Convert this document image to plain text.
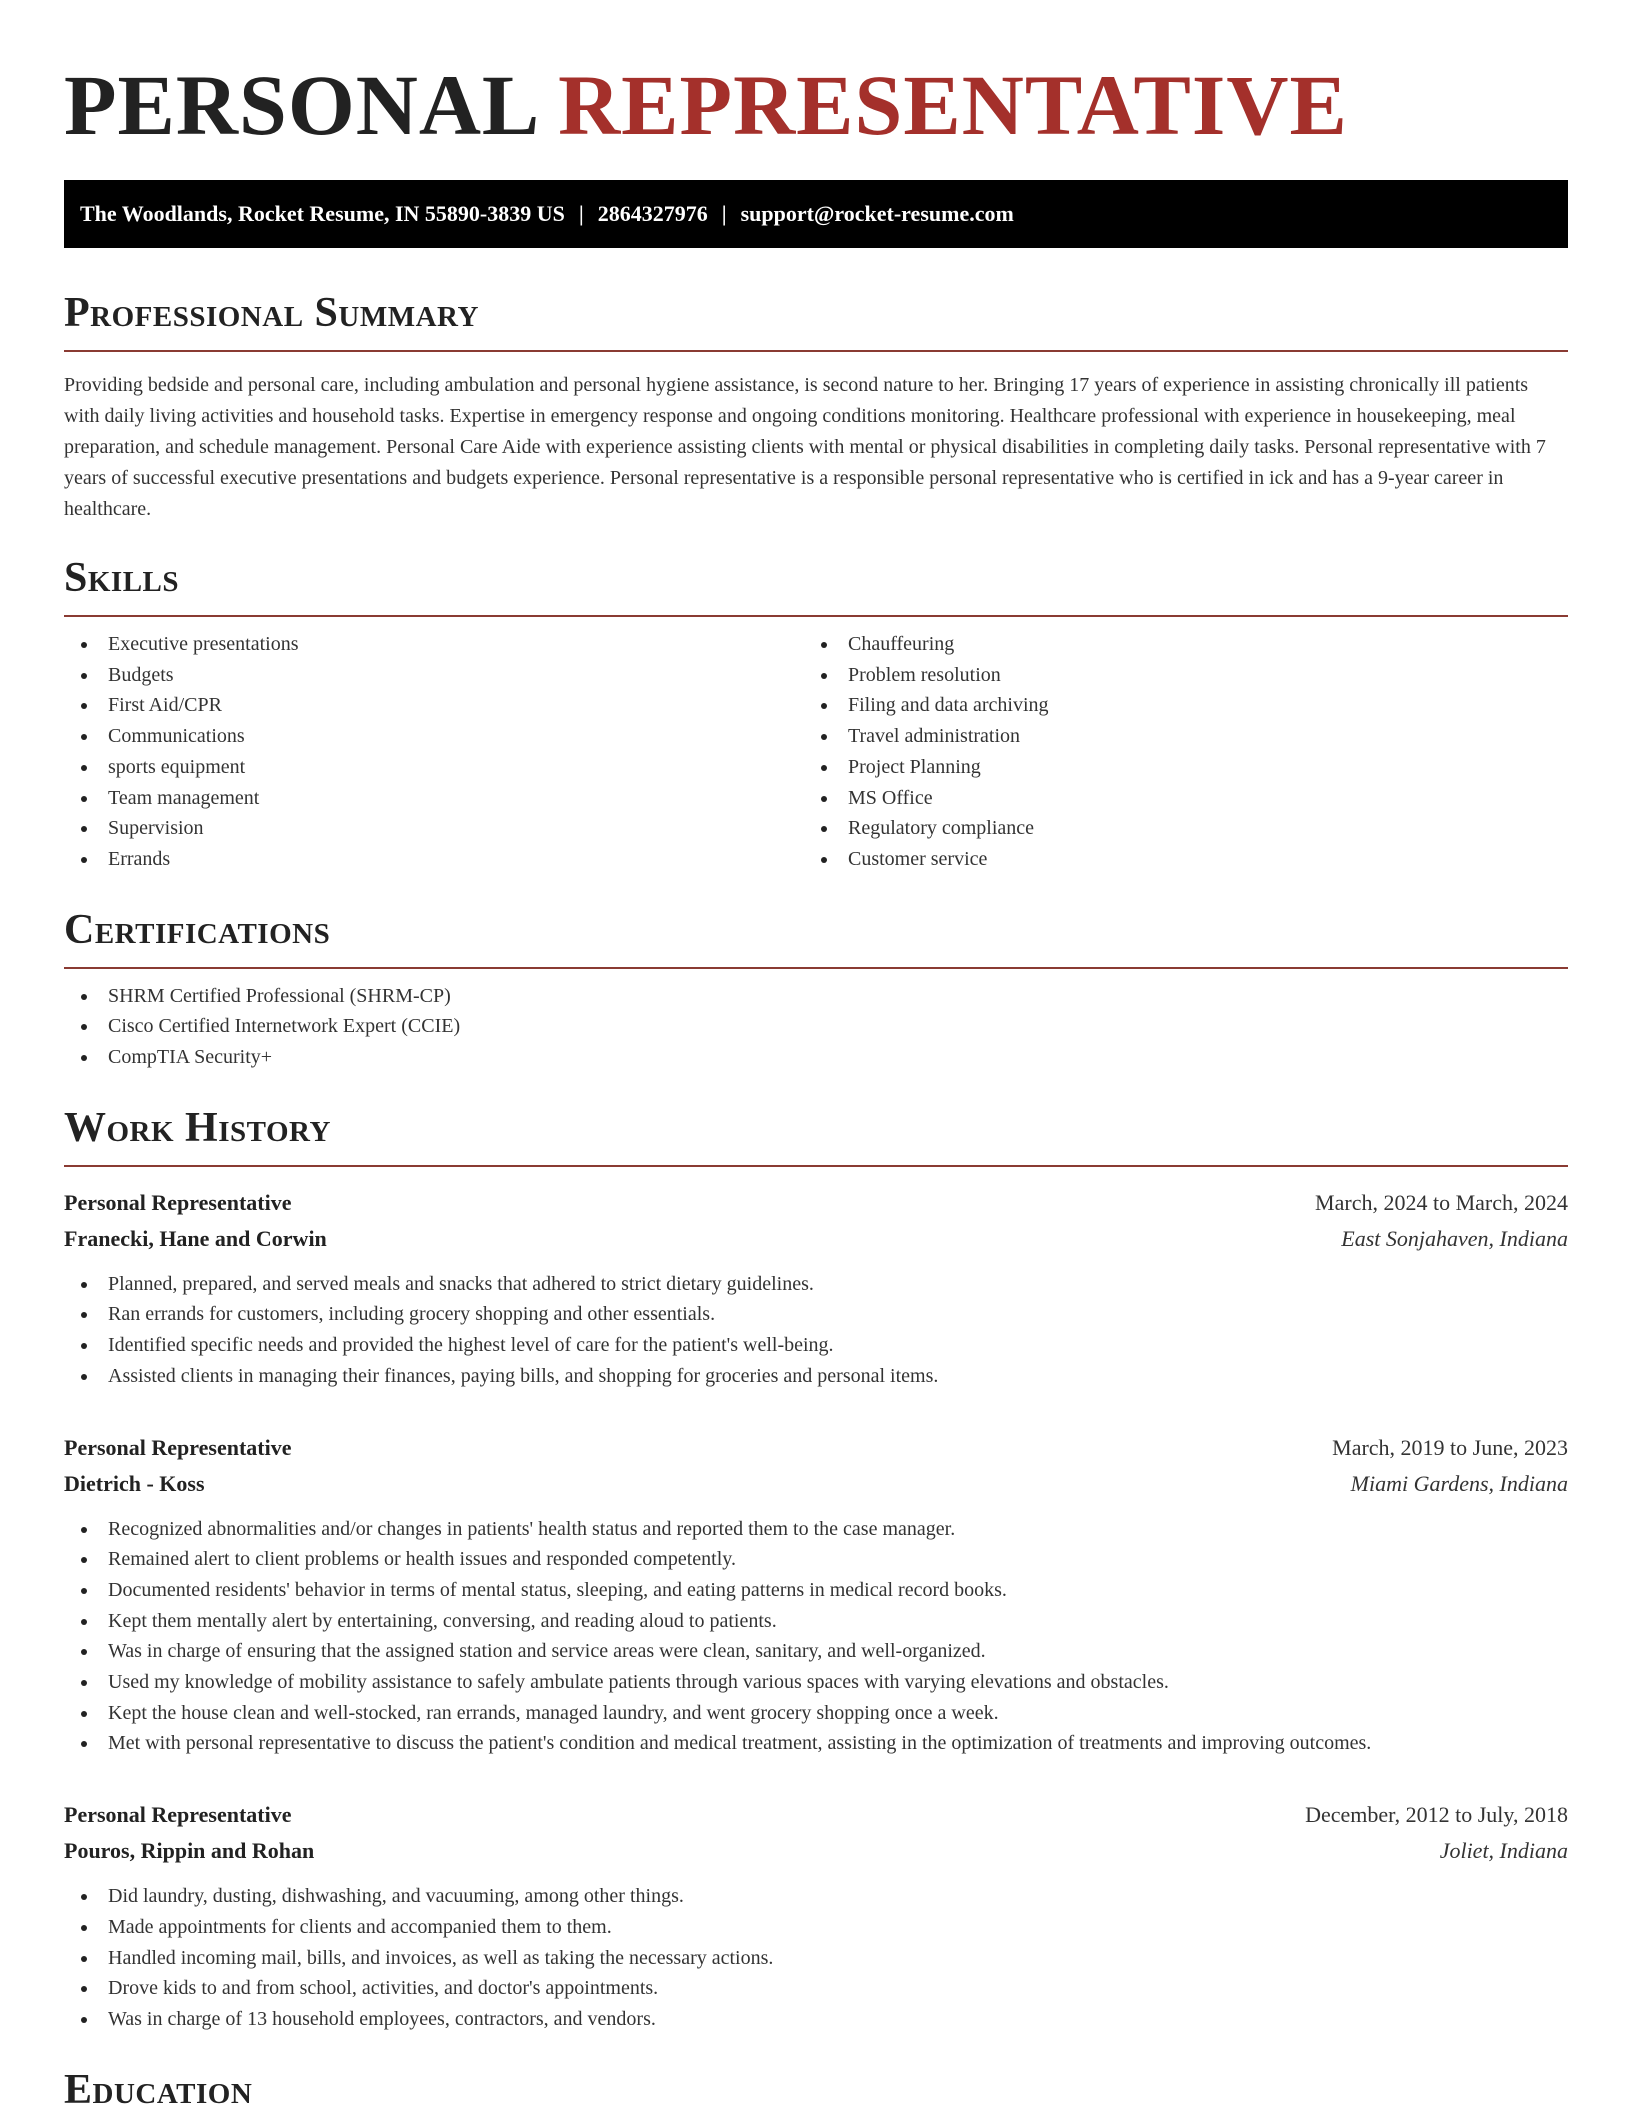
PERSONAL REPRESENTATIVE
The Woodlands, Rocket Resume, IN 55890-3839 US | 2864327976 | support@rocket-resume.com
Professional Summary

Providing bedside and personal care, including ambulation and personal hygiene assistance, is second nature to her. Bringing 17 years of experience in assisting chronically ill patients with daily living activities and household tasks. Expertise in emergency response and ongoing conditions monitoring. Healthcare professional with experience in housekeeping, meal preparation, and schedule management. Personal Care Aide with experience assisting clients with mental or physical disabilities in completing daily tasks. Personal representative with 7 years of successful executive presentations and budgets experience. Personal representative is a responsible personal representative who is certified in ick and has a 9-year career in healthcare.

Skills
Executive presentations
Budgets
First Aid/CPR
Communications
sports equipment
Team management
Supervision
Errands
Chauffeuring
Problem resolution
Filing and data archiving
Travel administration
Project Planning
MS Office
Regulatory compliance
Customer service
Certifications
SHRM Certified Professional (SHRM-CP)
Cisco Certified Internetwork Expert (CCIE)
CompTIA Security+
Work History
Personal Representative	March, 2024 to March, 2024
Franecki, Hane and Corwin	East Sonjahaven, Indiana
Planned, prepared, and served meals and snacks that adhered to strict dietary guidelines.
Ran errands for customers, including grocery shopping and other essentials.
Identified specific needs and provided the highest level of care for the patient's well-being.
Assisted clients in managing their finances, paying bills, and shopping for groceries and personal items.
Personal Representative	March, 2019 to June, 2023
Dietrich - Koss	Miami Gardens, Indiana
Recognized abnormalities and/or changes in patients' health status and reported them to the case manager.
Remained alert to client problems or health issues and responded competently.
Documented residents' behavior in terms of mental status, sleeping, and eating patterns in medical record books.
Kept them mentally alert by entertaining, conversing, and reading aloud to patients.
Was in charge of ensuring that the assigned station and service areas were clean, sanitary, and well-organized.
Used my knowledge of mobility assistance to safely ambulate patients through various spaces with varying elevations and obstacles.
Kept the house clean and well-stocked, ran errands, managed laundry, and went grocery shopping once a week.
Met with personal representative to discuss the patient's condition and medical treatment, assisting in the optimization of treatments and improving outcomes.
Personal Representative	December, 2012 to July, 2018
Pouros, Rippin and Rohan	Joliet, Indiana
Did laundry, dusting, dishwashing, and vacuuming, among other things.
Made appointments for clients and accompanied them to them.
Handled incoming mail, bills, and invoices, as well as taking the necessary actions.
Drove kids to and from school, activities, and doctor's appointments.
Was in charge of 13 household employees, contractors, and vendors.
Education
